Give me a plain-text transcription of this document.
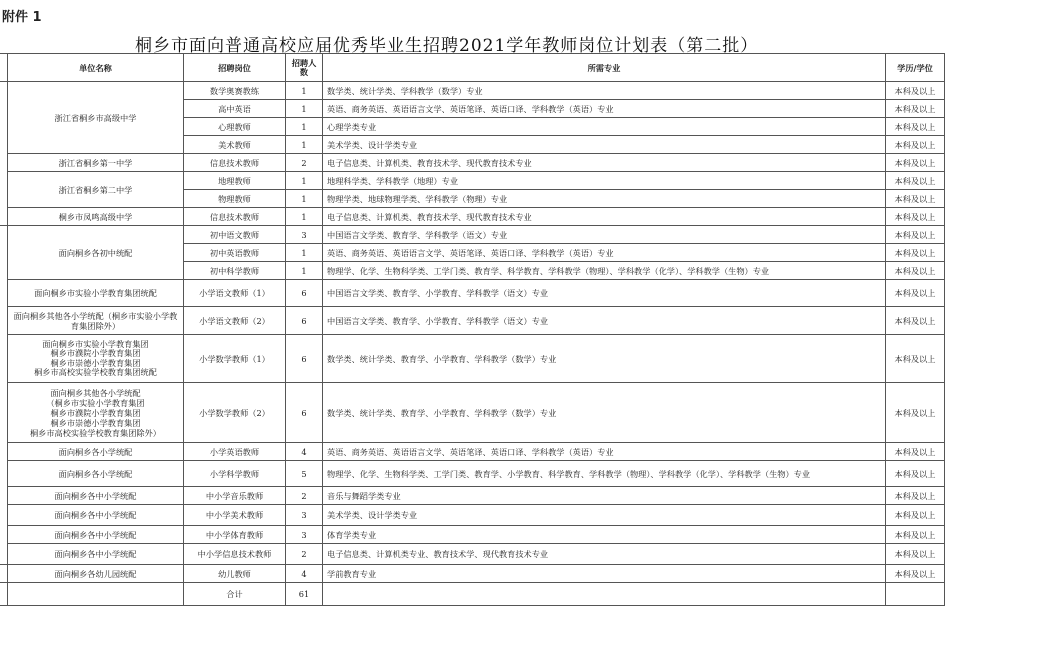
附件 1
桐乡市面向普通高校应届优秀毕业生招聘2021学年教师岗位计划表（第二批）
	单位名称	招聘岗位	招聘人数	所需专业	学历/学位
	浙江省桐乡市高级中学	数学奥赛教练	1	数学类、统计学类、学科教学（数学）专业	本科及以上
		高中英语	1	英语、商务英语、英语语言文学、英语笔译、英语口译、学科教学（英语）专业	本科及以上
		心理教师	1	心理学类专业	本科及以上
		美术教师	1	美术学类、设计学类专业	本科及以上
	浙江省桐乡第一中学	信息技术教师	2	电子信息类、计算机类、教育技术学、现代教育技术专业	本科及以上
	浙江省桐乡第二中学	地理教师	1	地理科学类、学科教学（地理）专业	本科及以上
		物理教师	1	物理学类、地球物理学类、学科教学（物理）专业	本科及以上
	桐乡市凤鸣高级中学	信息技术教师	1	电子信息类、计算机类、教育技术学、现代教育技术专业	本科及以上
	面向桐乡各初中统配	初中语文教师	3	中国语言文学类、教育学、学科教学（语文）专业	本科及以上
		初中英语教师	1	英语、商务英语、英语语言文学、英语笔译、英语口译、学科教学（英语）专业	本科及以上
		初中科学教师	1	物理学、化学、生物科学类、工学门类、教育学、科学教育、学科教学（物理）、学科教学（化学）、学科教学（生物）专业	本科及以上
	面向桐乡市实验小学教育集团统配	小学语文教师（1）	6	中国语言文学类、教育学、小学教育、学科教学（语文）专业	本科及以上
	面向桐乡其他各小学统配（桐乡市实验小学教育集团除外）	小学语文教师（2）	6	中国语言文学类、教育学、小学教育、学科教学（语文）专业	本科及以上
	面向桐乡市实验小学教育集团
桐乡市濮院小学教育集团
桐乡市崇德小学教育集团
桐乡市高校实验学校教育集团统配	小学数学教师（1）	6	数学类、统计学类、教育学、小学教育、学科教学（数学）专业	本科及以上
	面向桐乡其他各小学统配
（桐乡市实验小学教育集团
桐乡市濮院小学教育集团
桐乡市崇德小学教育集团
桐乡市高校实验学校教育集团除外）	小学数学教师（2）	6	数学类、统计学类、教育学、小学教育、学科教学（数学）专业	本科及以上
	面向桐乡各小学统配	小学英语教师	4	英语、商务英语、英语语言文学、英语笔译、英语口译、学科教学（英语）专业	本科及以上
	面向桐乡各小学统配	小学科学教师	5	物理学、化学、生物科学类、工学门类、教育学、小学教育、科学教育、学科教学（物理）、学科教学（化学）、学科教学（生物）专业	本科及以上
	面向桐乡各中小学统配	中小学音乐教师	2	音乐与舞蹈学类专业	本科及以上
	面向桐乡各中小学统配	中小学美术教师	3	美术学类、设计学类专业	本科及以上
	面向桐乡各中小学统配	中小学体育教师	3	体育学类专业	本科及以上
	面向桐乡各中小学统配	中小学信息技术教师	2	电子信息类、计算机类专业、教育技术学、现代教育技术专业	本科及以上
	面向桐乡各幼儿园统配	幼儿教师	4	学前教育专业	本科及以上
		合计	61		
